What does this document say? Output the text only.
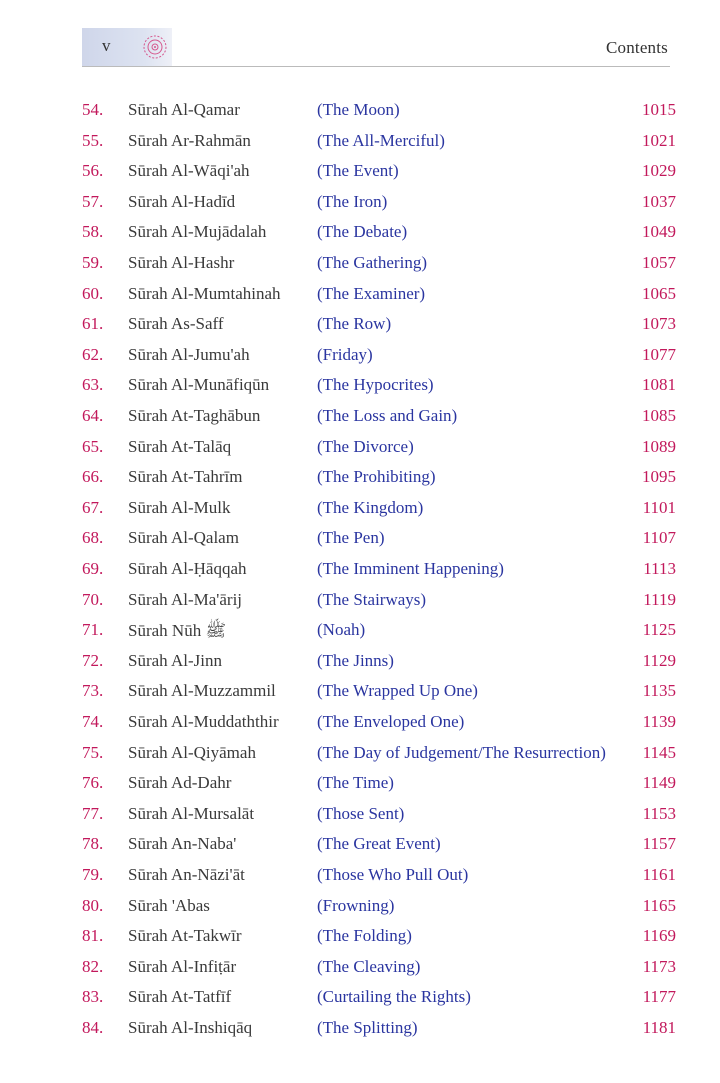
v	Contents
54. Sūrah Al-Qamar	(The Moon)	1015
55. Sūrah Ar-Rahmān	(The All-Merciful)	1021
56. Sūrah Al-Wāqi'ah	(The Event)	1029
57. Sūrah Al-Hadīd	(The Iron)	1037
58. Sūrah Al-Mujādalah	(The Debate)	1049
59. Sūrah Al-Hashr	(The Gathering)	1057
60. Sūrah Al-Mumtahinah (The Examiner)	1065
61. Sūrah As-Saff	(The Row)	1073
62. Sūrah Al-Jumu'ah	(Friday)	1077
63. Sūrah Al-Munāfiqūn	(The Hypocrites)	1081
64. Sūrah At-Taghābun	(The Loss and Gain)	1085
65. Sūrah At-Talāq	(The Divorce)	1089
66. Sūrah At-Tahrīm	(The Prohibiting)	1095
67. Sūrah Al-Mulk	(The Kingdom)	1101
68. Sūrah Al-Qalam	(The Pen)	1107
69. Sūrah Al-Ḥāqqah	(The Imminent Happening)	1113
70. Sūrah Al-Ma'ārij	(The Stairways)	1119
71. Sūrah Nūh ﷺ	(Noah)	1125
72. Sūrah Al-Jinn	(The Jinns)	1129
73. Sūrah Al-Muzzammil (The Wrapped Up One)	1135
74. Sūrah Al-Muddaththir (The Enveloped One)	1139
75. Sūrah Al-Qiyāmah	(The Day of Judgement/The Resurrection) 1145
76. Sūrah Ad-Dahr	(The Time)	1149
77. Sūrah Al-Mursalāt	(Those Sent)	1153
78. Sūrah An-Naba'	(The Great Event)	1157
79. Sūrah An-Nāzi'āt	(Those Who Pull Out)	1161
80. Sūrah 'Abas	(Frowning)	1165
81. Sūrah At-Takwīr	(The Folding)	1169
82. Sūrah Al-Infiṭār	(The Cleaving)	1173
83. Sūrah At-Tatfīf	(Curtailing the Rights)	1177
84. Sūrah Al-Inshiqāq	(The Splitting)	1181
